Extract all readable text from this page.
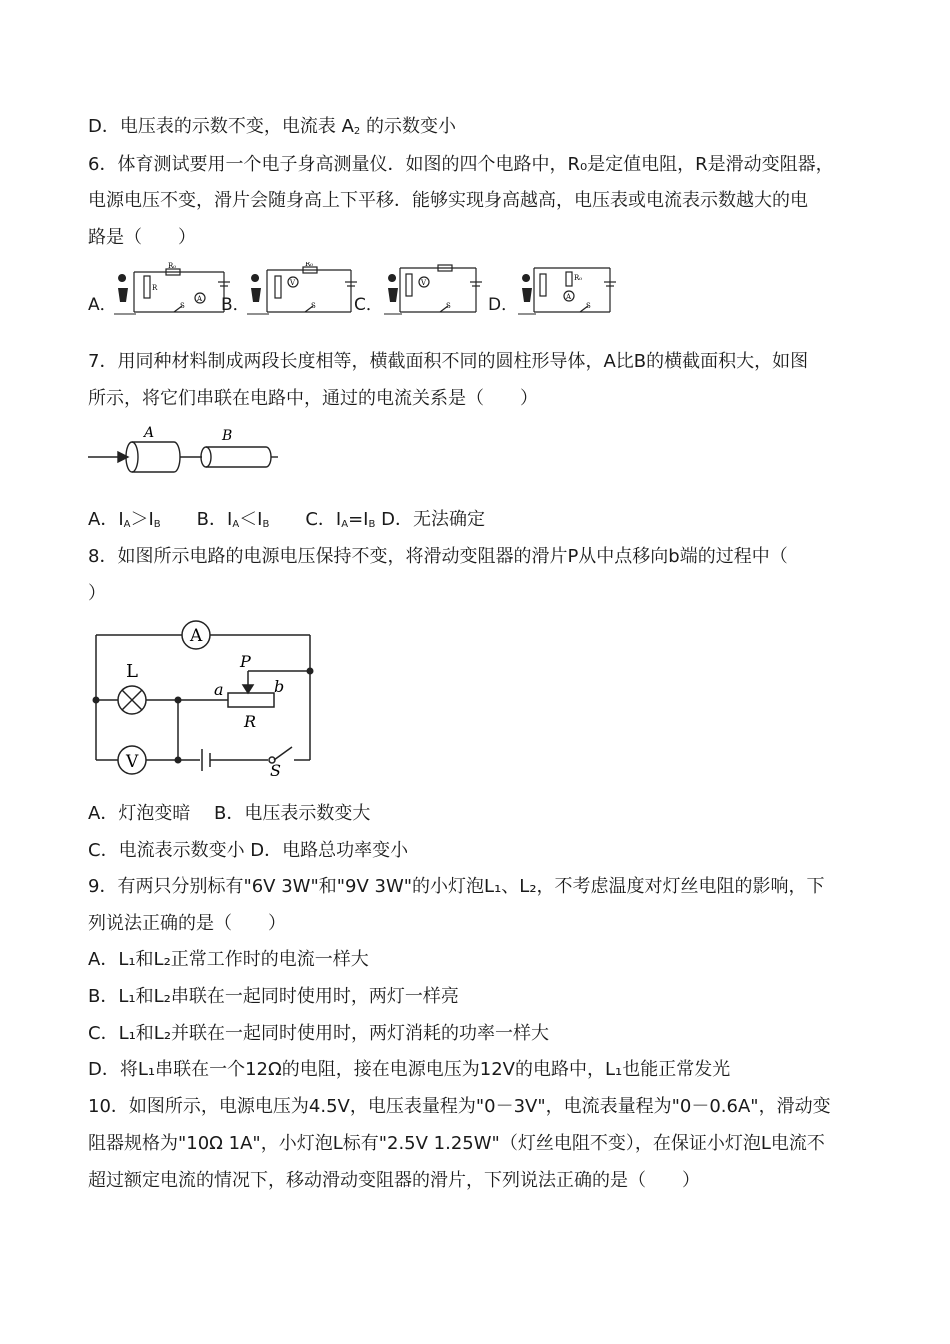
D．电压表的示数不变，电流表 $A_2$ 的示数变小
6．体育测试要用一个电子身高测量仪．如图的四个电路中，R₀是定值电阻，R是滑动变阻器，
电源电压不变，滑片会随身高上下平移．能够实现身高越高，电压表或电流表示数越大的电
路是（　　）
A．
R
R₀
A
S B．
V
R₀
S C．
V
S D．	A
R₀
S
7．用同种材料制成两段长度相等，横截面积不同的圆柱形导体，A比B的横截面积大，如图
所示，将它们串联在电路中，通过的电流关系是（　　）
A	B
A．$I_A>I_B$　　B．$I_A<I_B$　　C．$I_A=I_B$ D．无法确定
8．如图所示电路的电源电压保持不变，将滑动变阻器的滑片P从中点移向b端的过程中（
）
A
V
L	P
a	b
R
S
A．灯泡变暗　 B．电压表示数变大
C．电流表示数变小 D．电路总功率变小
9．有两只分别标有"6V 3W"和"9V 3W"的小灯泡L₁、L₂，不考虑温度对灯丝电阻的影响，下
列说法正确的是（　　）
A．L₁和L₂正常工作时的电流一样大
B．L₁和L₂串联在一起同时使用时，两灯一样亮
C．L₁和L₂并联在一起同时使用时，两灯消耗的功率一样大
D．将L₁串联在一个12Ω的电阻，接在电源电压为12V的电路中，L₁也能正常发光
10．如图所示，电源电压为4.5V，电压表量程为"0－3V"，电流表量程为"0－0.6A"，滑动变
阻器规格为"10Ω 1A"，小灯泡L标有"2.5V 1.25W"（灯丝电阻不变），在保证小灯泡L电流不
超过额定电流的情况下，移动滑动变阻器的滑片，下列说法正确的是（　　）
